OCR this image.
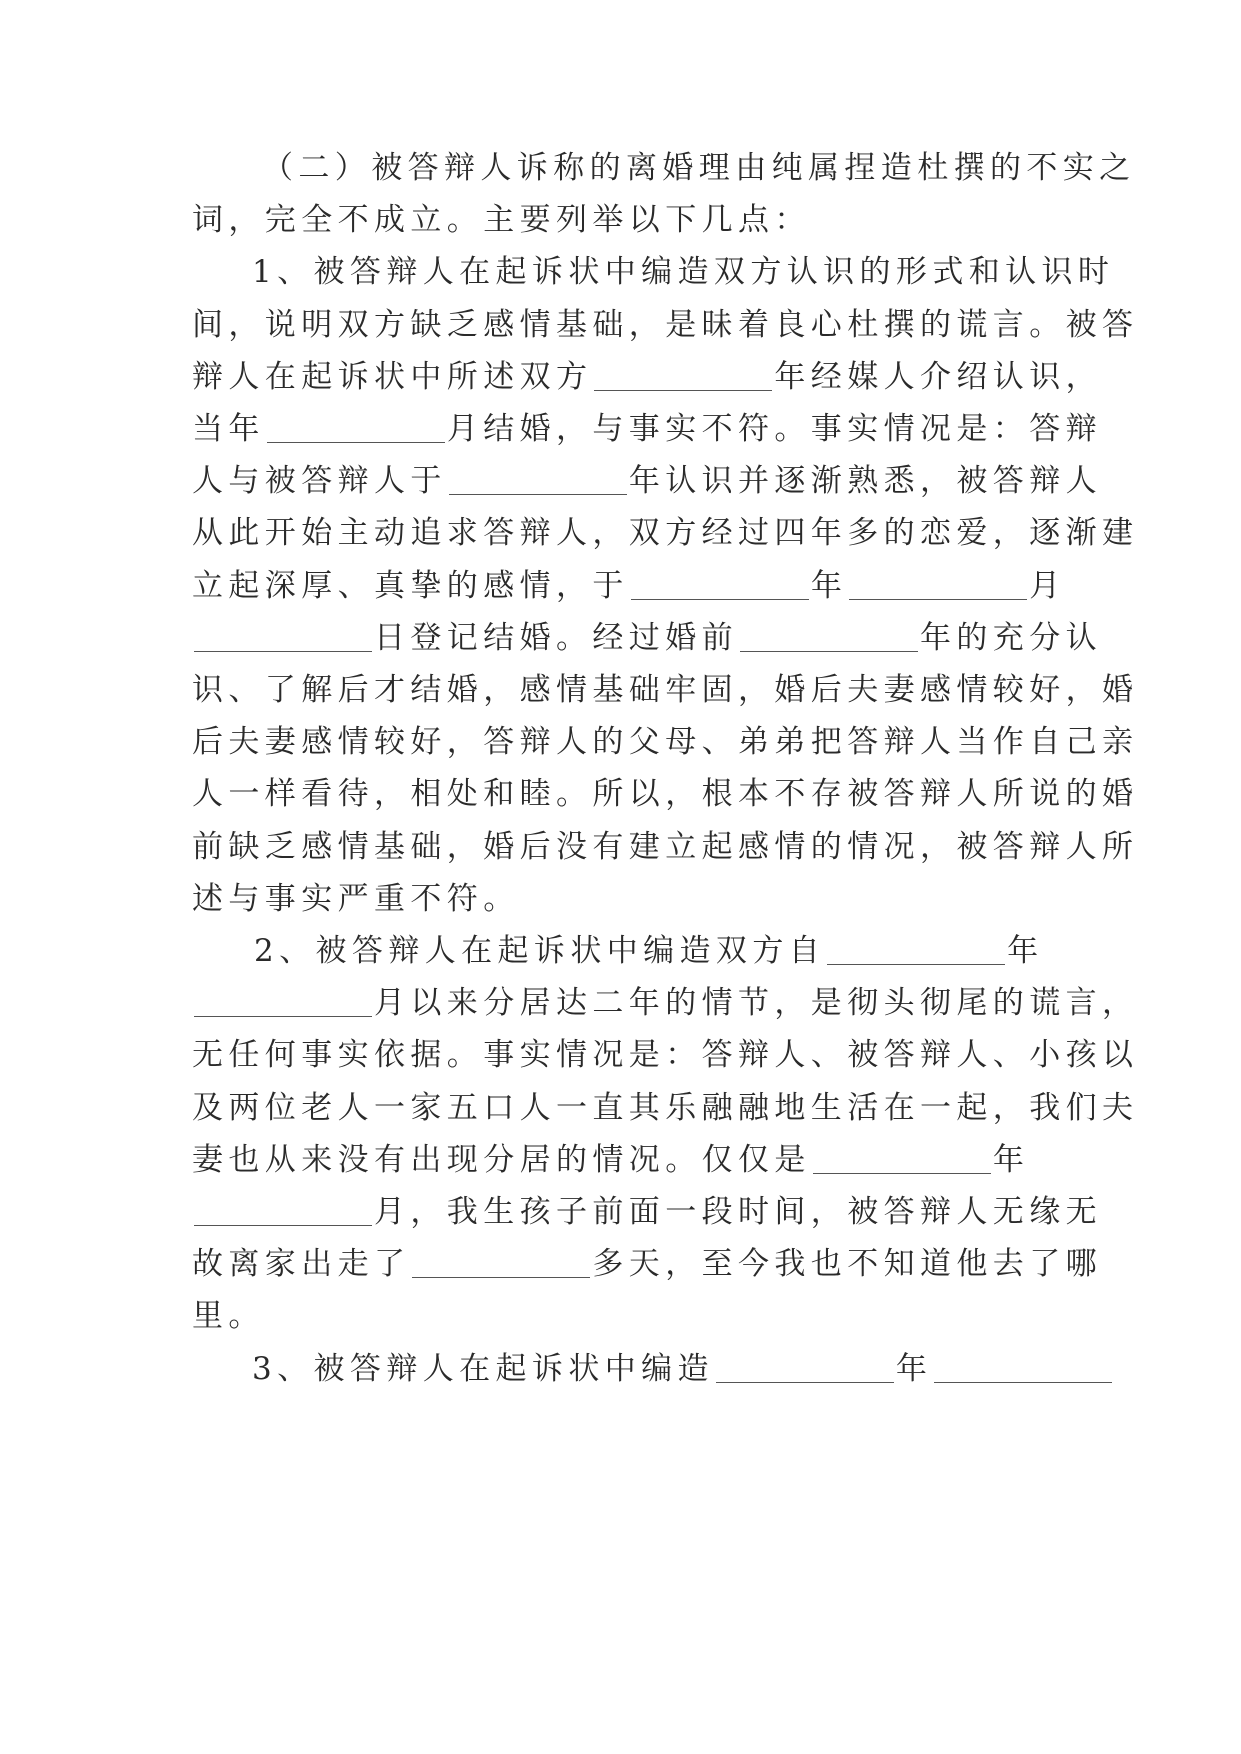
（二）被答辩人诉称的离婚理由纯属捏造杜撰的不实之
词，完全不成立。主要列举以下几点：
1、被答辩人在起诉状中编造双方认识的形式和认识时
间，说明双方缺乏感情基础，是昧着良心杜撰的谎言。被答
辩人在起诉状中所述双方	年经媒人介绍认识，
当年	月结婚，与事实不符。事实情况是：答辩
人与被答辩人于	年认识并逐渐熟悉，被答辩人
从此开始主动追求答辩人，双方经过四年多的恋爱，逐渐建
立起深厚、真挚的感情，于	年	月
日登记结婚。经过婚前	年的充分认
识、了解后才结婚，感情基础牢固，婚后夫妻感情较好，婚
后夫妻感情较好，答辩人的父母、弟弟把答辩人当作自己亲
人一样看待，相处和睦。所以，根本不存被答辩人所说的婚
前缺乏感情基础，婚后没有建立起感情的情况，被答辩人所
述与事实严重不符。
2、被答辩人在起诉状中编造双方自	年
月以来分居达二年的情节，是彻头彻尾的谎言，
无任何事实依据。事实情况是：答辩人、被答辩人、小孩以
及两位老人一家五口人一直其乐融融地生活在一起，我们夫
妻也从来没有出现分居的情况。仅仅是	年
月，我生孩子前面一段时间，被答辩人无缘无
故离家出走了	多天，至今我也不知道他去了哪
里。
3、被答辩人在起诉状中编造	年
